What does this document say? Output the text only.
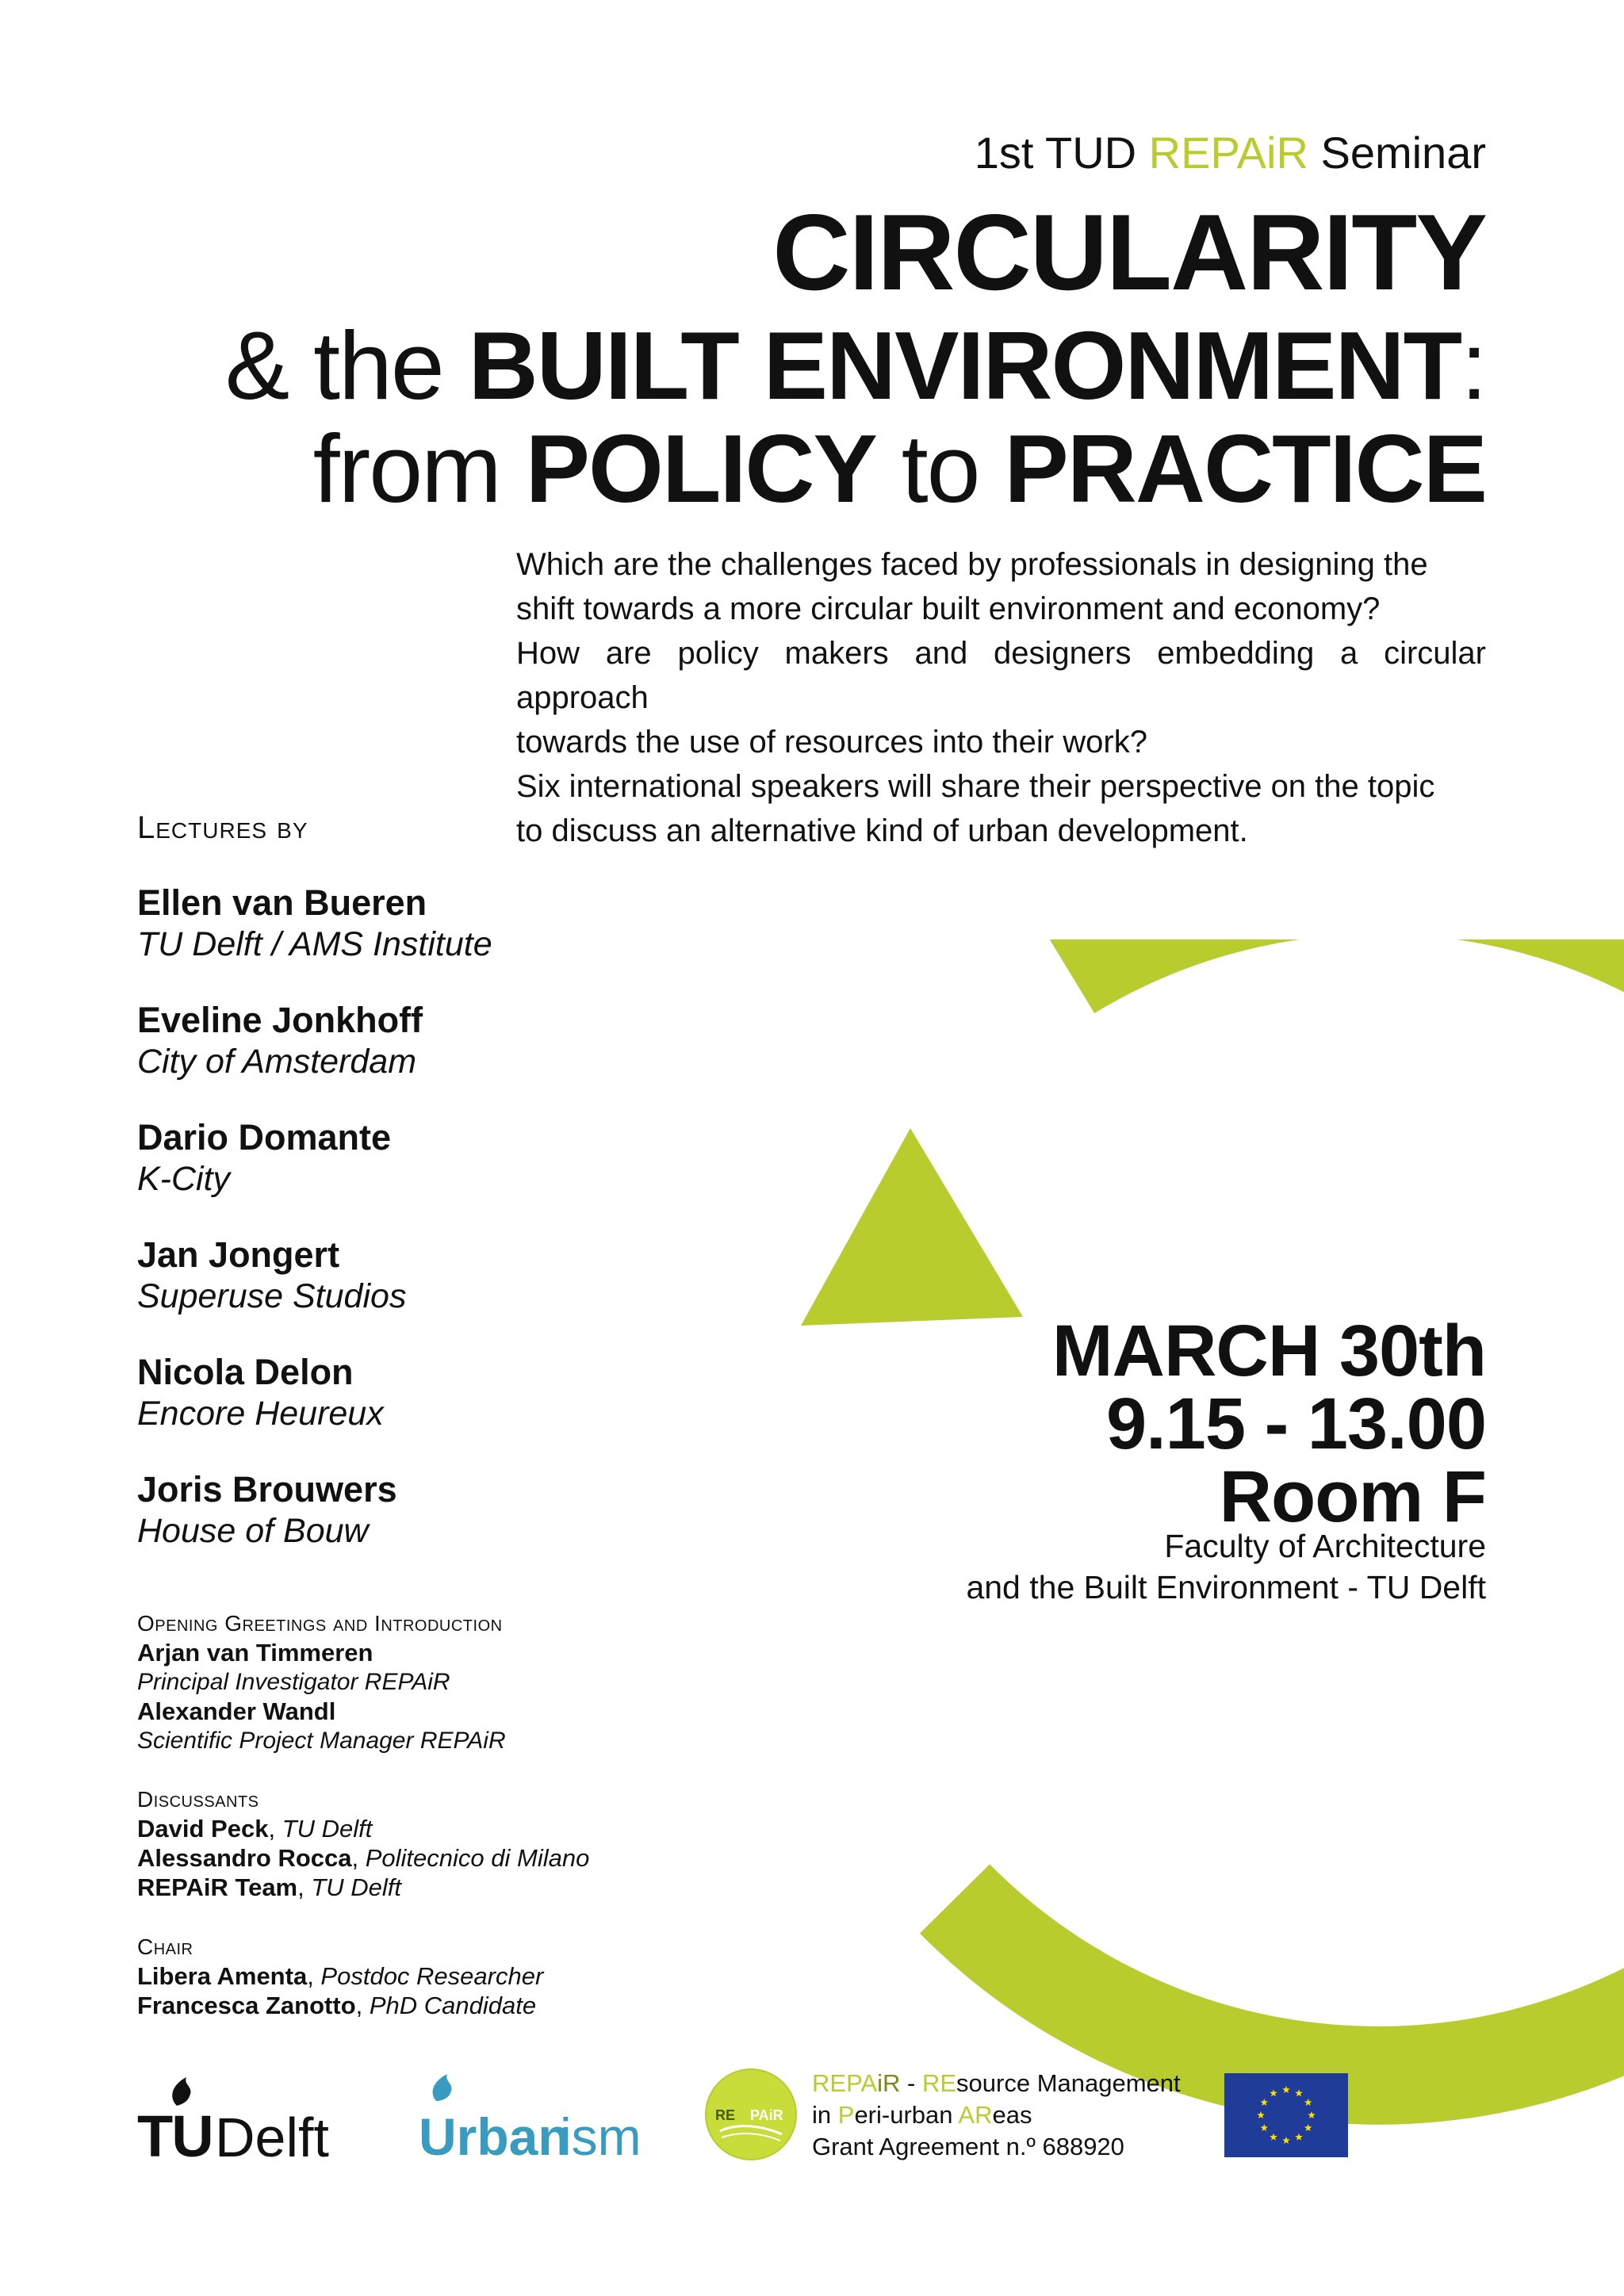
1st TUD REPAiR Seminar
CIRCULARITY
& the BUILT ENVIRONMENT:
from POLICY to PRACTICE

Which are the challenges faced by professionals in designing the

shift towards a more circular built environment and economy?

How are policy makers and designers embedding a circular approach

towards the use of resources into their work?

Six international speakers will share their perspective on the topic

to discuss an alternative kind of urban development.

Lectures by
Ellen van Bueren
TU Delft / AMS Institute
Eveline Jonkhoff
City of Amsterdam
Dario Domante
K-City
Jan Jongert
Superuse Studios
Nicola Delon
Encore Heureux
Joris Brouwers
House of Bouw
Opening Greetings and Introduction
Arjan van Timmeren
Principal Investigator REPAiR
Alexander Wandl
Scientific Project Manager REPAiR
Discussants
David Peck, TU Delft
Alessandro Rocca, Politecnico di Milano
REPAiR Team, TU Delft
Chair
Libera Amenta, Postdoc Researcher
Francesca Zanotto, PhD Candidate
MARCH 30th
9.15 - 13.00
Room F
Faculty of Architecture
and the Built Environment - TU Delft
TU Delft Urban
ism	RE PAiR
REPAiR - REsource Management
in Peri-urban AReas
Grant Agreement n.º 688920
